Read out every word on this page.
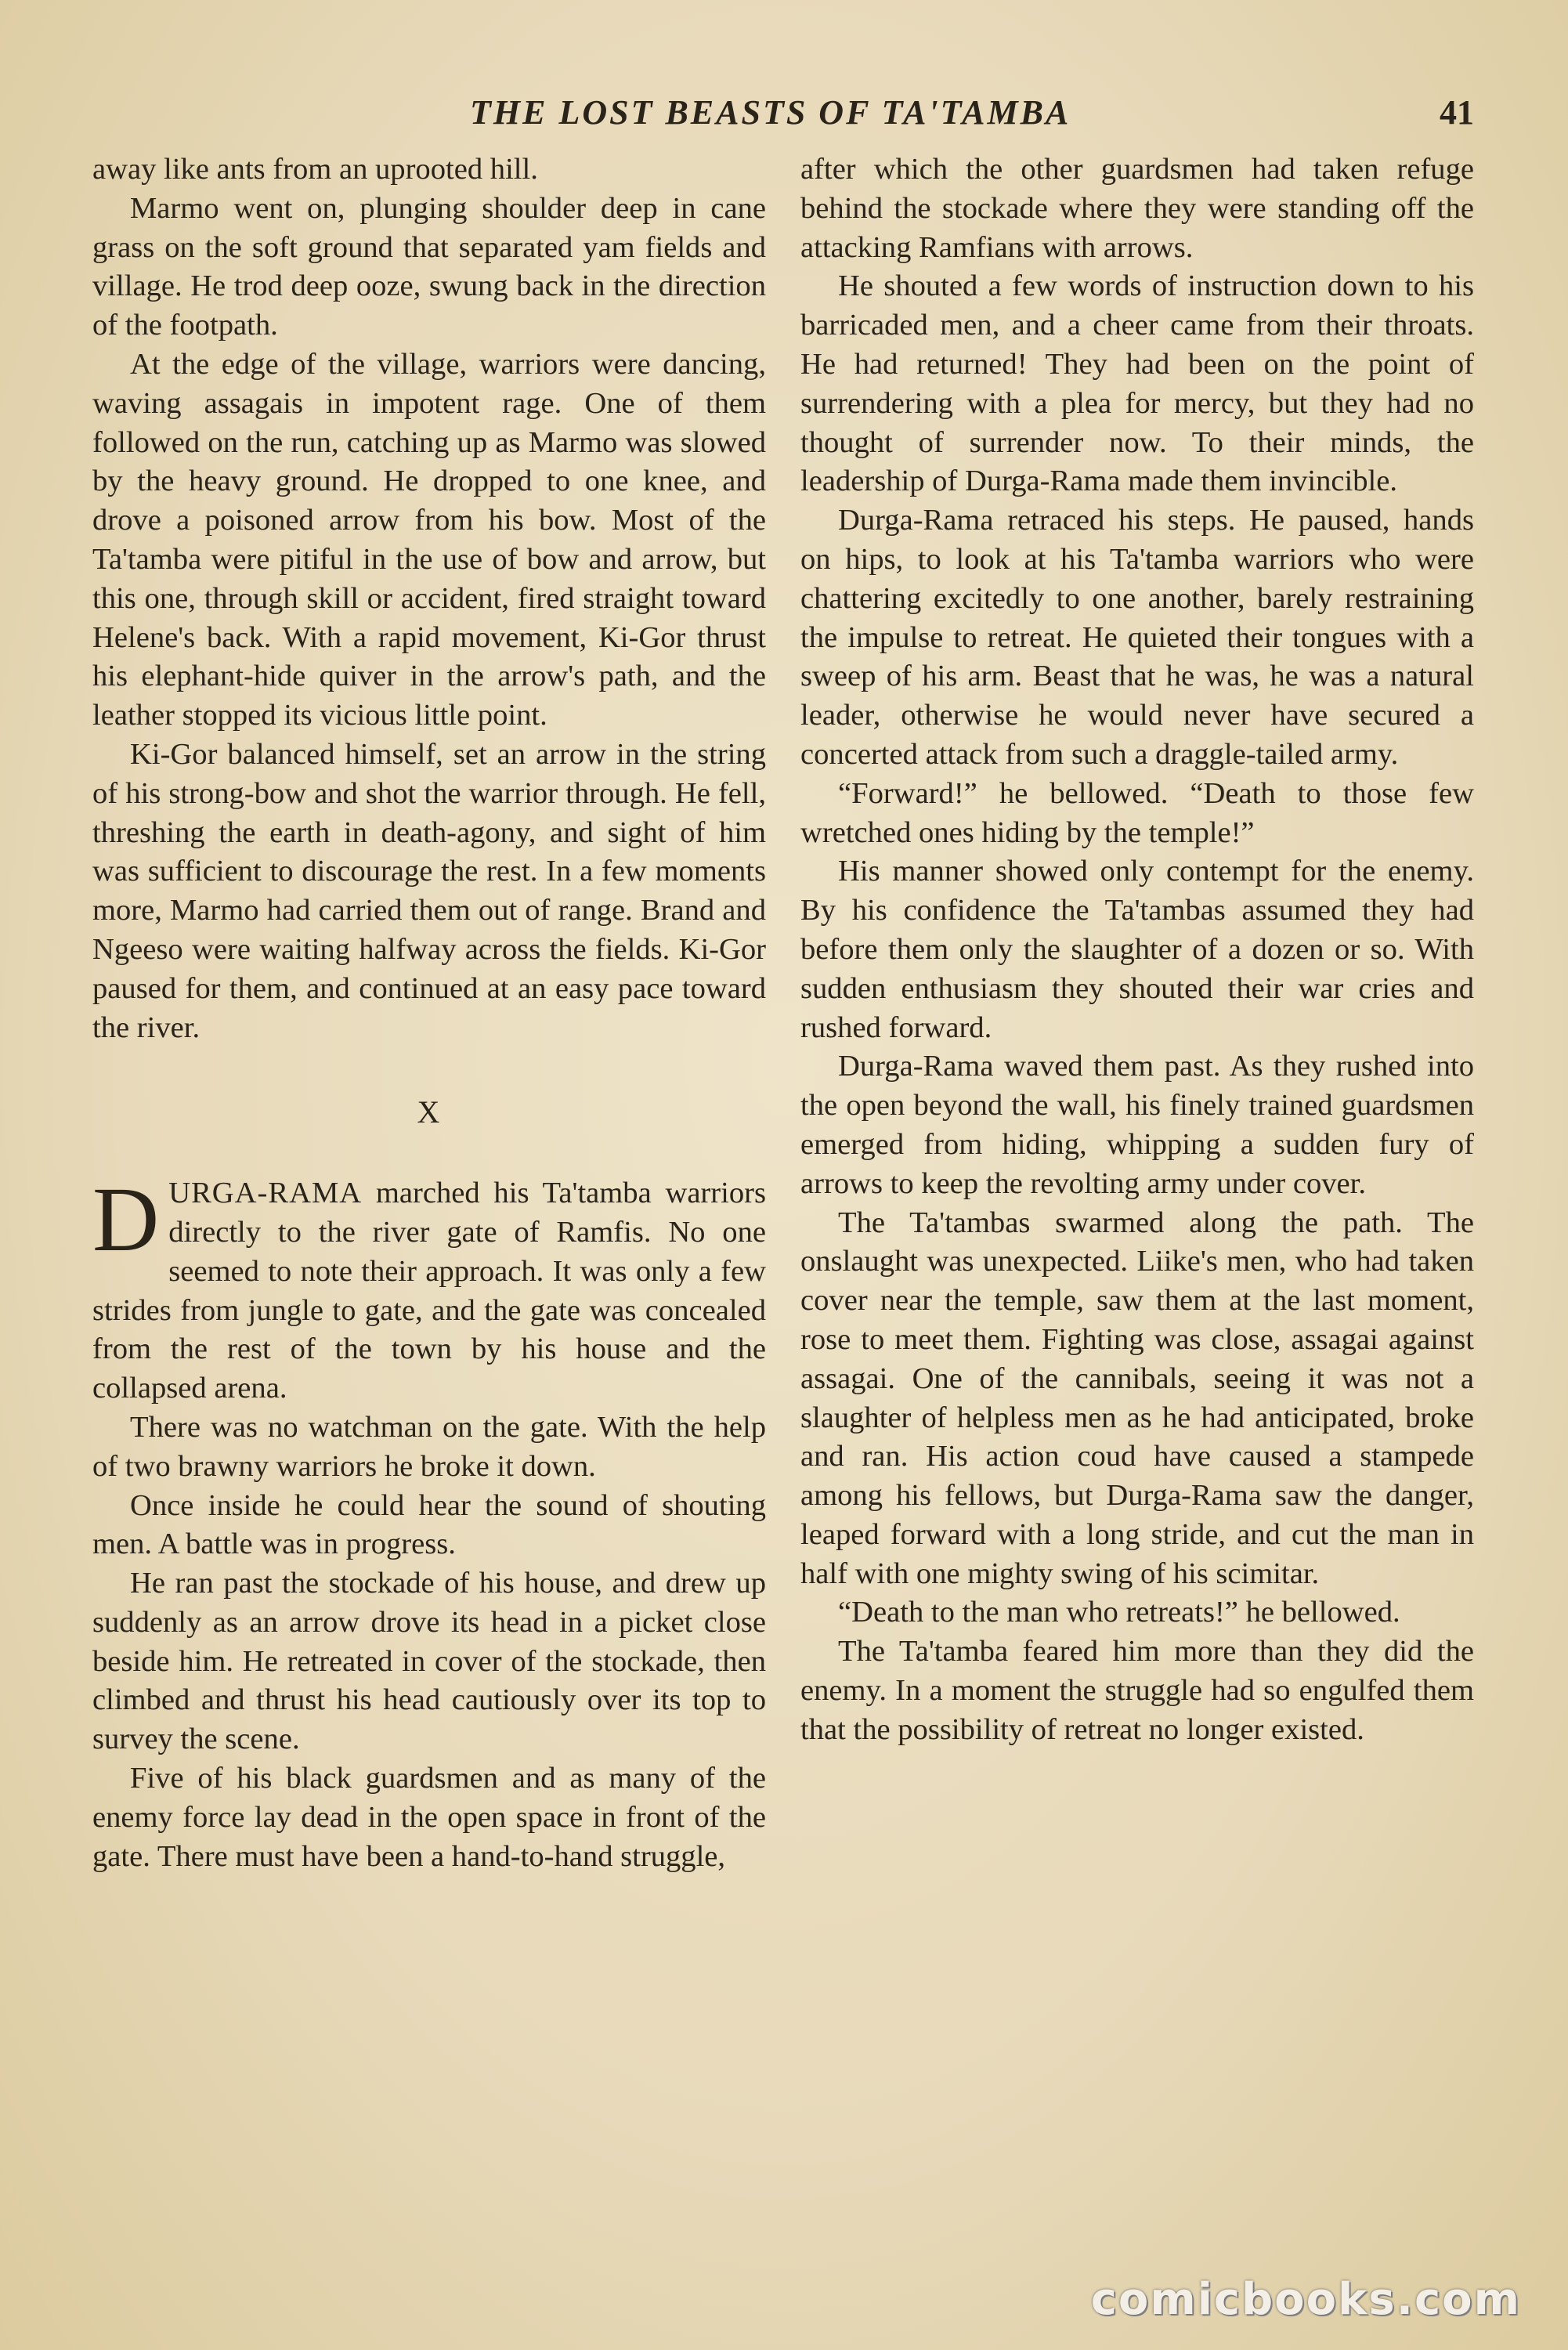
THE LOST BEASTS OF TA'TAMBA	41

away like ants from an uprooted hill.

Marmo went on, plunging shoulder deep in cane grass on the soft ground that separated yam fields and village. He trod deep ooze, swung back in the direction of the footpath.

At the edge of the village, warriors were dancing, waving assagais in impotent rage. One of them followed on the run, catching up as Marmo was slowed by the heavy ground. He dropped to one knee, and drove a poisoned arrow from his bow. Most of the Ta'tamba were pitiful in the use of bow and arrow, but this one, through skill or accident, fired straight toward Helene's back. With a rapid movement, Ki-Gor thrust his elephant-hide quiver in the arrow's path, and the leather stopped its vicious little point.

Ki-Gor balanced himself, set an arrow in the string of his strong-bow and shot the warrior through. He fell, threshing the earth in death-agony, and sight of him was sufficient to discourage the rest. In a few moments more, Marmo had carried them out of range. Brand and Ngeeso were waiting halfway across the fields. Ki-Gor paused for them, and continued at an easy pace toward the river.

X

DURGA-RAMA marched his Ta'tamba warriors directly to the river gate of Ramfis. No one seemed to note their approach. It was only a few strides from jungle to gate, and the gate was concealed from the rest of the town by his house and the collapsed arena.

There was no watchman on the gate. With the help of two brawny warriors he broke it down.

Once inside he could hear the sound of shouting men. A battle was in progress.

He ran past the stockade of his house, and drew up suddenly as an arrow drove its head in a picket close beside him. He retreated in cover of the stockade, then climbed and thrust his head cautiously over its top to survey the scene.

Five of his black guardsmen and as many of the enemy force lay dead in the open space in front of the gate. There must have been a hand-to-hand struggle,

after which the other guardsmen had taken refuge behind the stockade where they were standing off the attacking Ramfians with arrows.

He shouted a few words of instruction down to his barricaded men, and a cheer came from their throats. He had returned! They had been on the point of surrendering with a plea for mercy, but they had no thought of surrender now. To their minds, the leadership of Durga-Rama made them invincible.

Durga-Rama retraced his steps. He paused, hands on hips, to look at his Ta'tamba warriors who were chattering excitedly to one another, barely restraining the impulse to retreat. He quieted their tongues with a sweep of his arm. Beast that he was, he was a natural leader, otherwise he would never have secured a concerted attack from such a draggle-tailed army.

“Forward!” he bellowed. “Death to those few wretched ones hiding by the temple!”

His manner showed only contempt for the enemy. By his confidence the Ta'tambas assumed they had before them only the slaughter of a dozen or so. With sudden enthusiasm they shouted their war cries and rushed forward.

Durga-Rama waved them past. As they rushed into the open beyond the wall, his finely trained guardsmen emerged from hiding, whipping a sudden fury of arrows to keep the revolting army under cover.

The Ta'tambas swarmed along the path. The onslaught was unexpected. Liike's men, who had taken cover near the temple, saw them at the last moment, rose to meet them. Fighting was close, assagai against assagai. One of the cannibals, seeing it was not a slaughter of helpless men as he had anticipated, broke and ran. His action coud have caused a stampede among his fellows, but Durga-Rama saw the danger, leaped forward with a long stride, and cut the man in half with one mighty swing of his scimitar.

“Death to the man who retreats!” he bellowed.

The Ta'tamba feared him more than they did the enemy. In a moment the struggle had so engulfed them that the possibility of retreat no longer existed.

comicbooks.com
